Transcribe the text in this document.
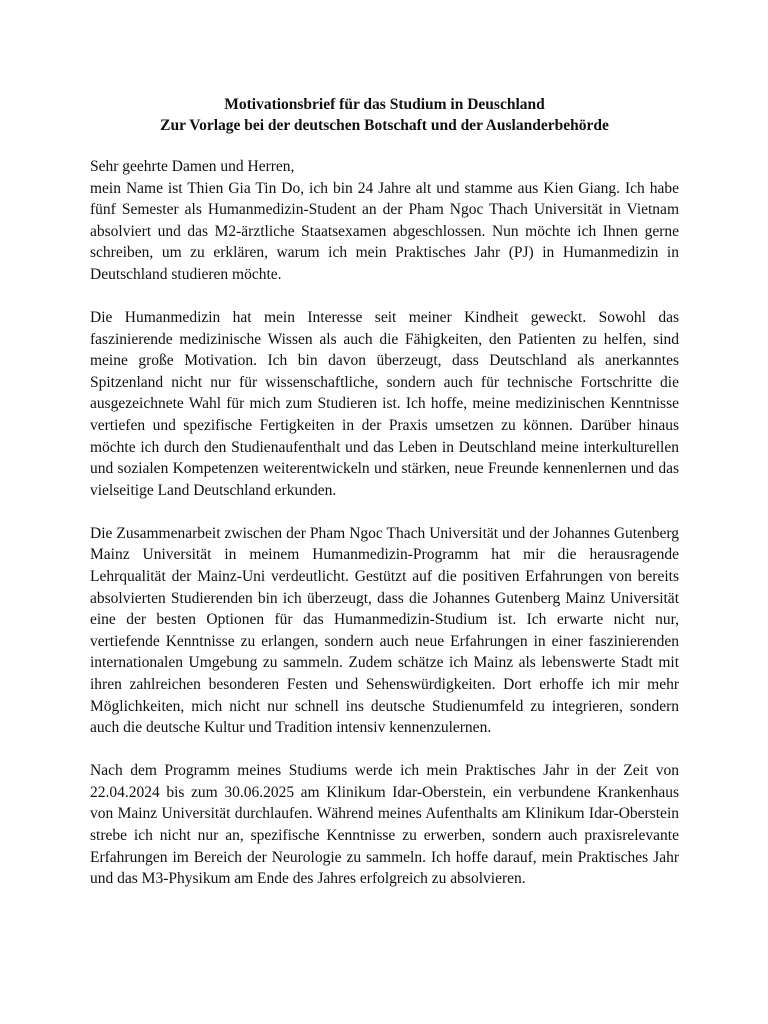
Motivationsbrief für das Studium in Deuschland

Zur Vorlage bei der deutschen Botschaft und der Auslanderbehörde

Sehr geehrte Damen und Herren,

mein Name ist Thien Gia Tin Do, ich bin 24 Jahre alt und stamme aus Kien Giang. Ich habe fünf Semester als Humanmedizin-Student an der Pham Ngoc Thach Universität in Vietnam absolviert und das M2-ärztliche Staatsexamen abgeschlossen. Nun möchte ich Ihnen gerne schreiben, um zu erklären, warum ich mein Praktisches Jahr (PJ) in Humanmedizin in Deutschland studieren möchte.

Die Humanmedizin hat mein Interesse seit meiner Kindheit geweckt. Sowohl das faszinierende medizinische Wissen als auch die Fähigkeiten, den Patienten zu helfen, sind meine große Motivation. Ich bin davon überzeugt, dass Deutschland als anerkanntes Spitzenland nicht nur für wissenschaftliche, sondern auch für technische Fortschritte die ausgezeichnete Wahl für mich zum Studieren ist. Ich hoffe, meine medizinischen Kenntnisse vertiefen und spezifische Fertigkeiten in der Praxis umsetzen zu können. Darüber hinaus möchte ich durch den Studienaufenthalt und das Leben in Deutschland meine interkulturellen und sozialen Kompetenzen weiterentwickeln und stärken, neue Freunde kennenlernen und das vielseitige Land Deutschland erkunden.

Die Zusammenarbeit zwischen der Pham Ngoc Thach Universität und der Johannes Gutenberg Mainz Universität in meinem Humanmedizin-Programm hat mir die herausragende Lehrqualität der Mainz-Uni verdeutlicht. Gestützt auf die positiven Erfahrungen von bereits absolvierten Studierenden bin ich überzeugt, dass die Johannes Gutenberg Mainz Universität eine der besten Optionen für das Humanmedizin-Studium ist. Ich erwarte nicht nur, vertiefende Kenntnisse zu erlangen, sondern auch neue Erfahrungen in einer faszinierenden internationalen Umgebung zu sammeln. Zudem schätze ich Mainz als lebenswerte Stadt mit ihren zahlreichen besonderen Festen und Sehenswürdigkeiten. Dort erhoffe ich mir mehr Möglichkeiten, mich nicht nur schnell ins deutsche Studienumfeld zu integrieren, sondern auch die deutsche Kultur und Tradition intensiv kennenzulernen.

Nach dem Programm meines Studiums werde ich mein Praktisches Jahr in der Zeit von 22.04.2024 bis zum 30.06.2025 am Klinikum Idar-Oberstein, ein verbundene Krankenhaus von Mainz Universität durchlaufen. Während meines Aufenthalts am Klinikum Idar-Oberstein strebe ich nicht nur an, spezifische Kenntnisse zu erwerben, sondern auch praxisrelevante Erfahrungen im Bereich der Neurologie zu sammeln. Ich hoffe darauf, mein Praktisches Jahr und das M3-Physikum am Ende des Jahres erfolgreich zu absolvieren.
